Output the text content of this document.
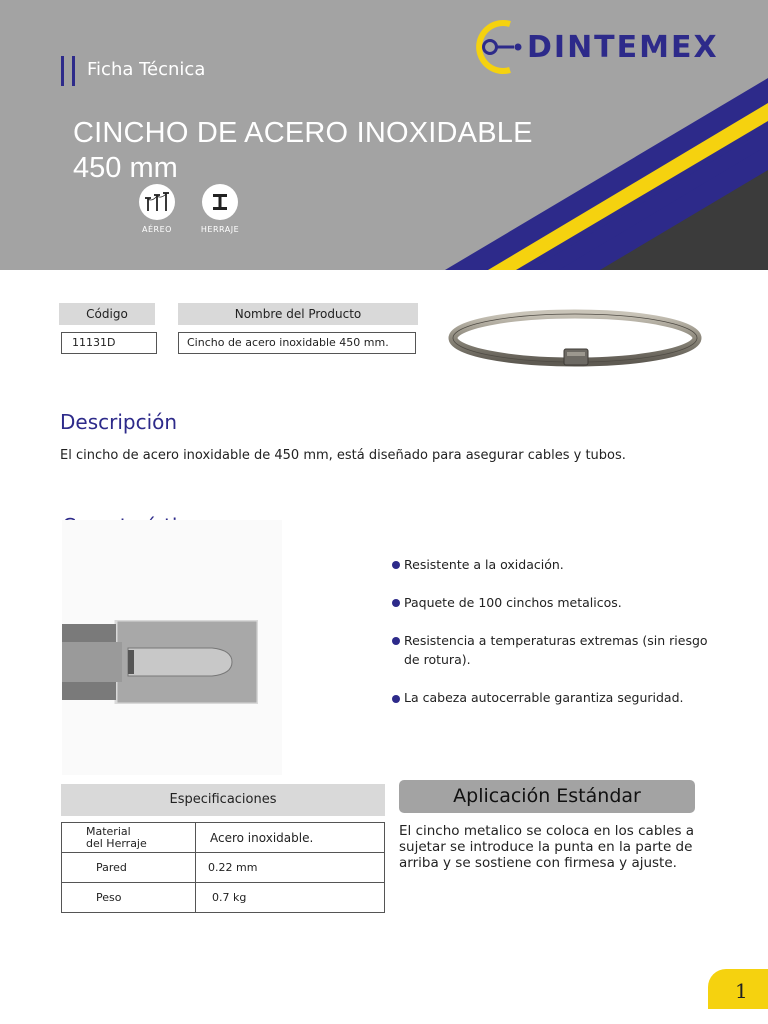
Ficha Técnica
CINCHO DE ACERO INOXIDABLE
450 mm
AÉREO	HERRAJE
DINTEMEX
Código	Nombre del Producto
11131D	Cincho de acero inoxidable 450 mm.
Descripción
El cincho de acero inoxidable de 450 mm, está diseñado para asegurar cables y tubos.
Resistente a la oxidación.
Paquete de 100 cinchos metalicos.
Resistencia a temperaturas extremas (sin riesgo
de rotura).
La cabeza autocerrable garantiza seguridad.
Especificaciones
Material
del Herraje	Acero inoxidable.
Pared	0.22 mm
Peso	0.7 kg
Aplicación Estándar
El cincho metalico se coloca en los cables a
sujetar se introduce la punta en la parte de
arriba y se sostiene con firmesa y ajuste.
1
